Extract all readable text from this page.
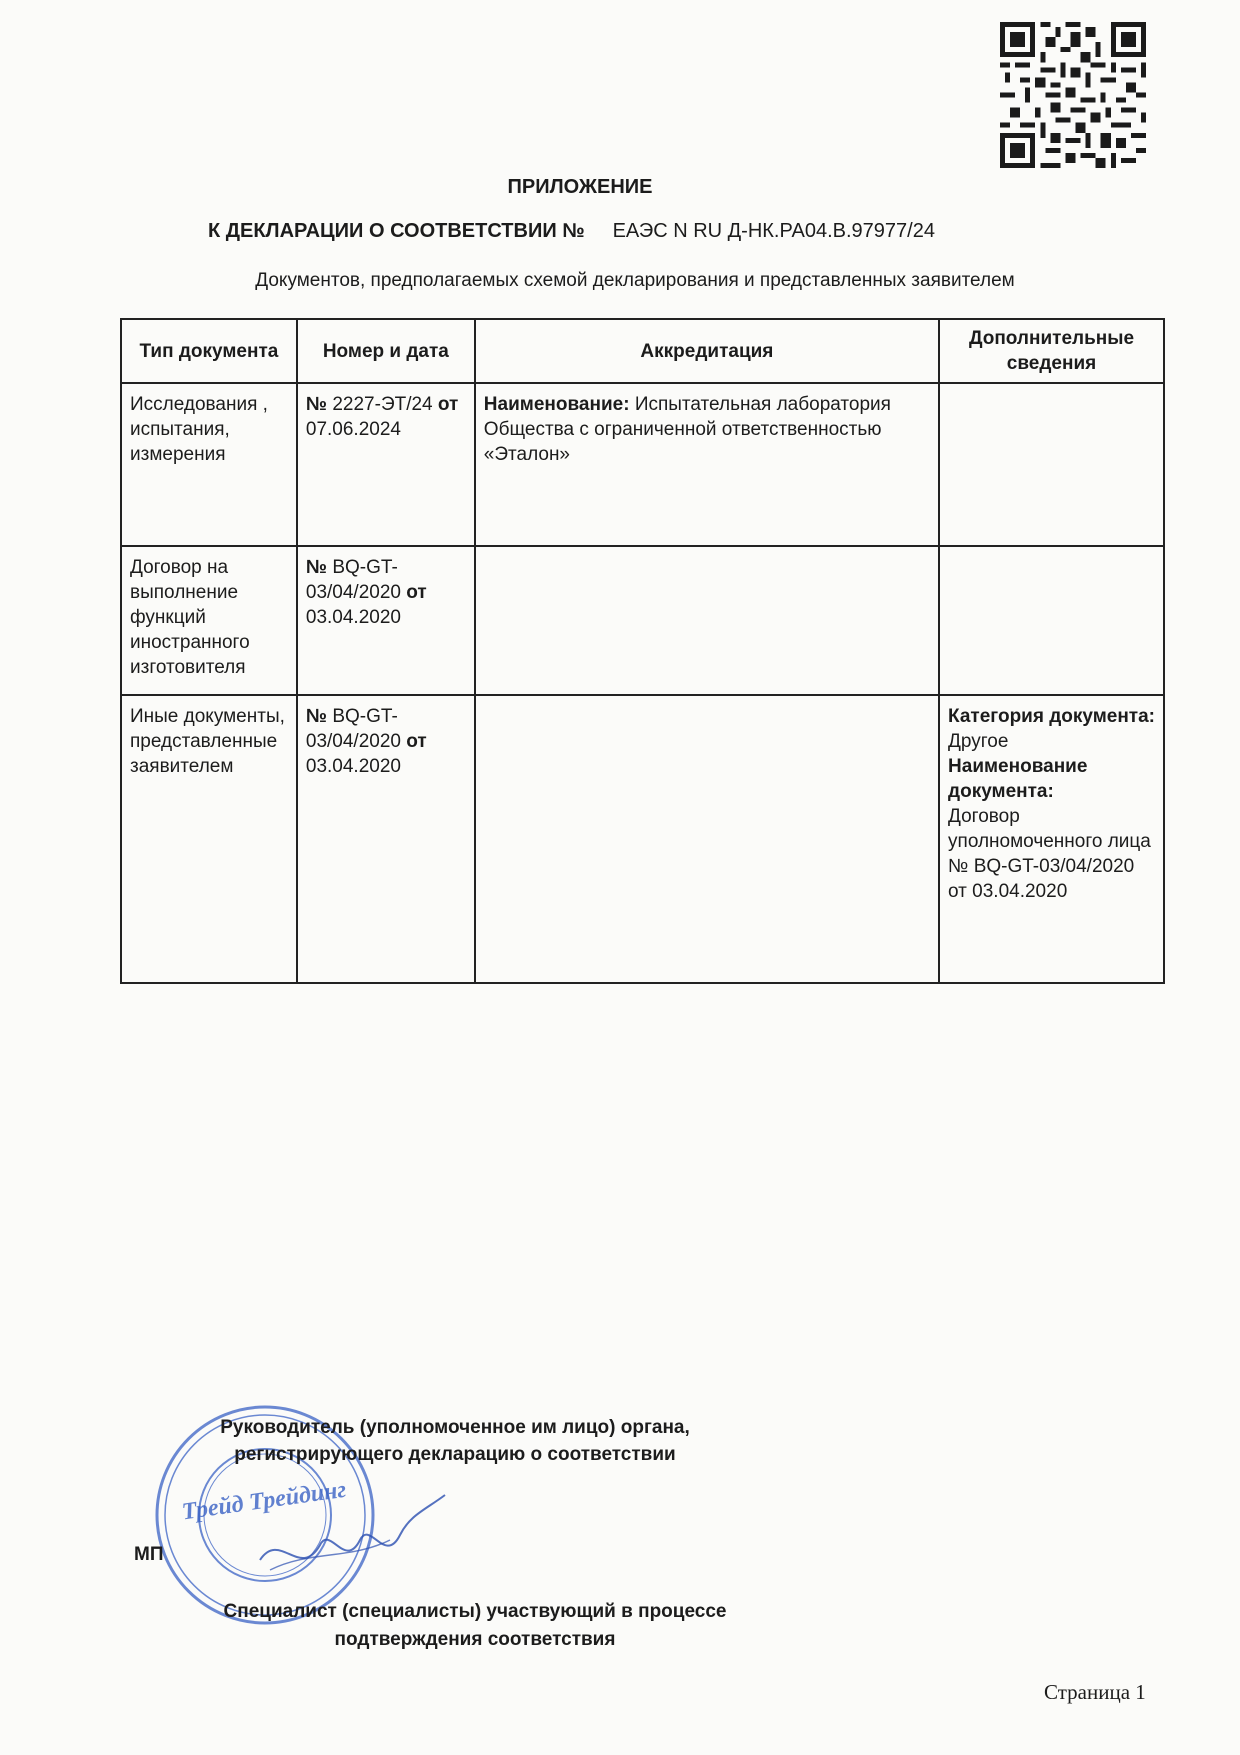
ПРИЛОЖЕНИЕ
К ДЕКЛАРАЦИИ О СООТВЕТСТВИИ № ЕАЭС N RU Д-НК.РА04.В.97977/24
Документов, предполагаемых схемой декларирования и представленных заявителем
Тип документа	Номер и дата	Аккредитация	Дополнительные сведения
Исследования , испытания, измерения	№ 2227-ЭТ/24 от 07.06.2024	Наименование: Испытательная лаборатория Общества с ограниченной ответственностью «Эталон»	

Договор на выполнение функций иностранного изготовителя	№ BQ-GT-03/04/2020 от 03.04.2020		
Иные документы, представленные заявителем	№ BQ-GT-03/04/2020 от 03.04.2020		Категория документа:
Другое
Наименование документа:
Договор уполномоченного лица № BQ-GT-03/04/2020 от 03.04.2020
Трейд Трейдинг
Руководитель (уполномоченное им лицо) органа, регистрирующего декларацию о соответствии
МП
Специалист (специалисты) участвующий в процессе подтверждения соответствия
Страница 1
